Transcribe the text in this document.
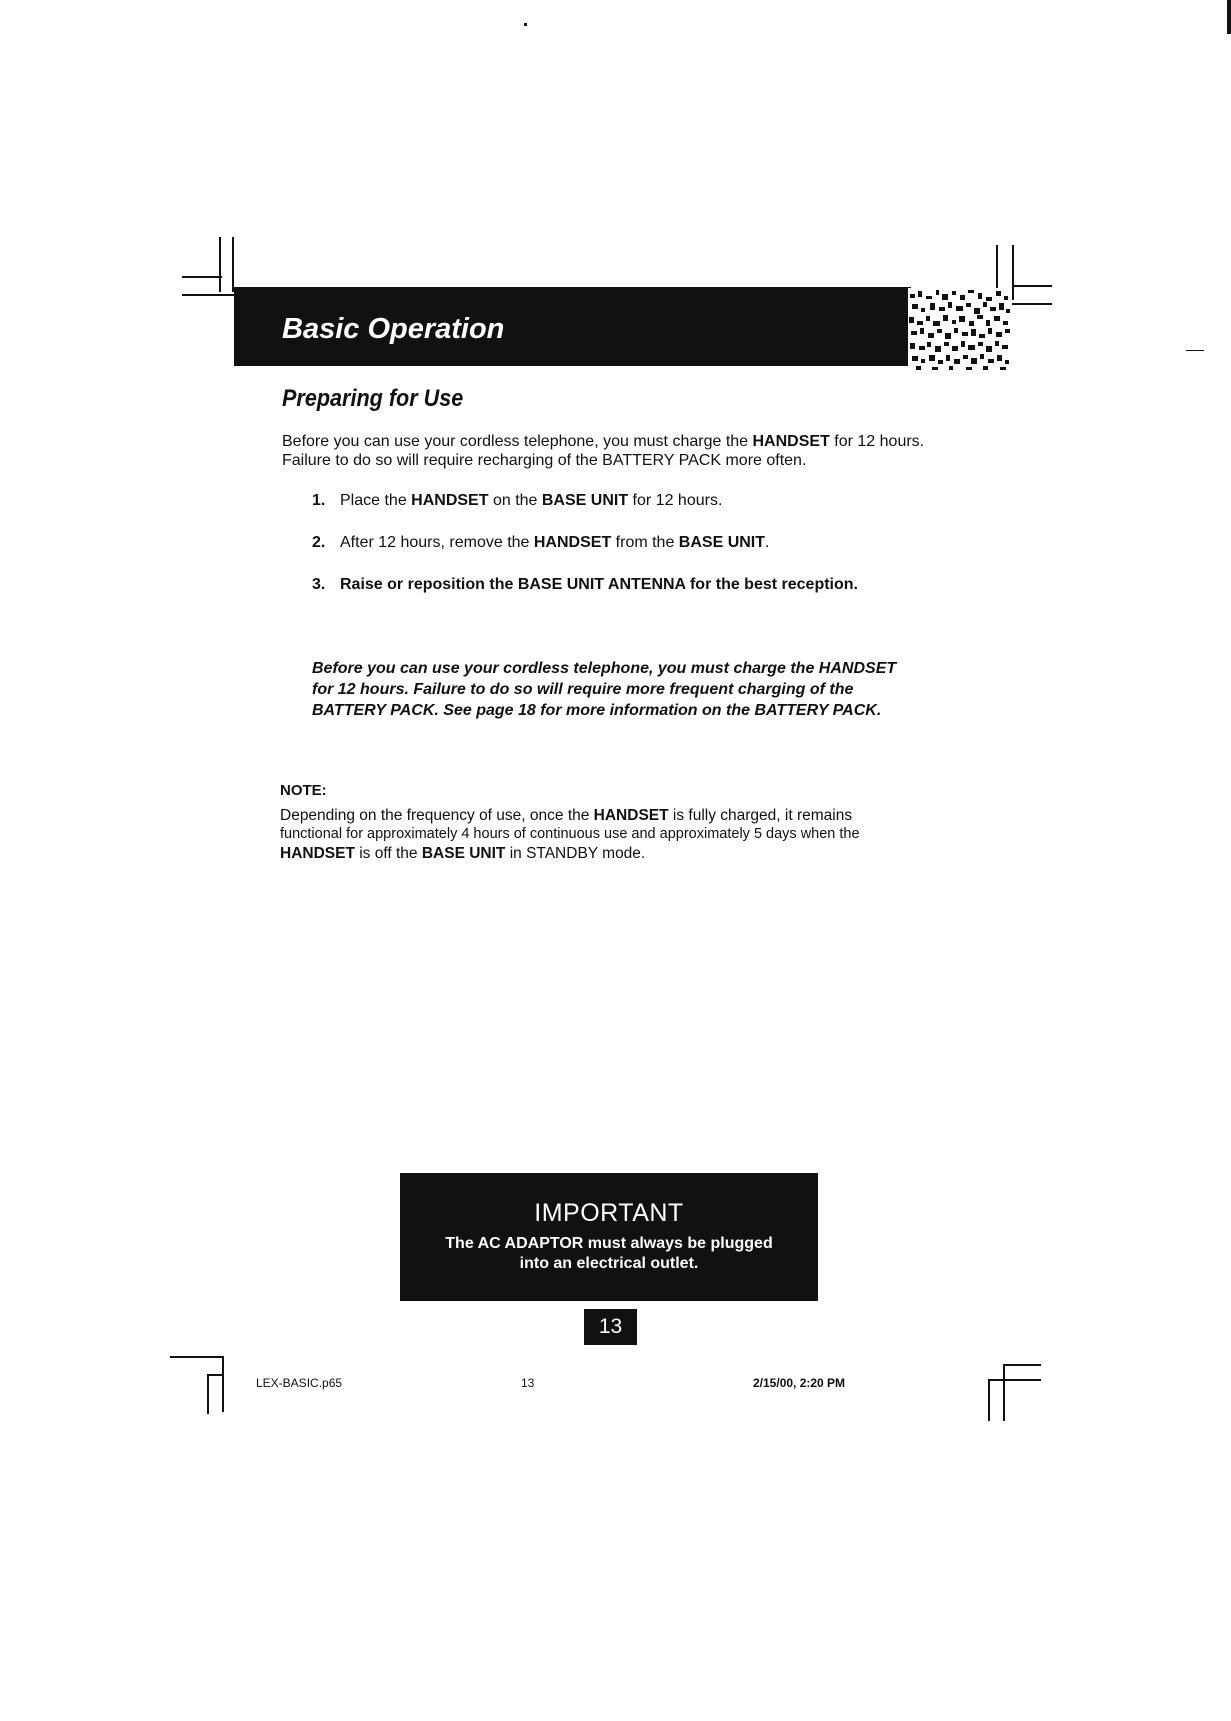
Basic Operation
Preparing for Use
Before you can use your cordless telephone, you must charge the HANDSET for 12 hours.
Failure to do so will require recharging of the BATTERY PACK more often.
1. Place the HANDSET on the BASE UNIT for 12 hours.
2. After 12 hours, remove the HANDSET from the BASE UNIT.
3. Raise or reposition the BASE UNIT ANTENNA for the best reception.
Before you can use your cordless telephone, you must charge the HANDSET
for 12 hours. Failure to do so will require more frequent charging of the
BATTERY PACK. See page 18 for more information on the BATTERY PACK.
NOTE:
Depending on the frequency of use, once the HANDSET is fully charged, it remains
functional for approximately 4 hours of continuous use and approximately 5 days when the
HANDSET is off the BASE UNIT in STANDBY mode.
IMPORTANT
The AC ADAPTOR must always be plugged
into an electrical outlet.
13
LEX-BASIC.p65	13	2/15/00, 2:20 PM
